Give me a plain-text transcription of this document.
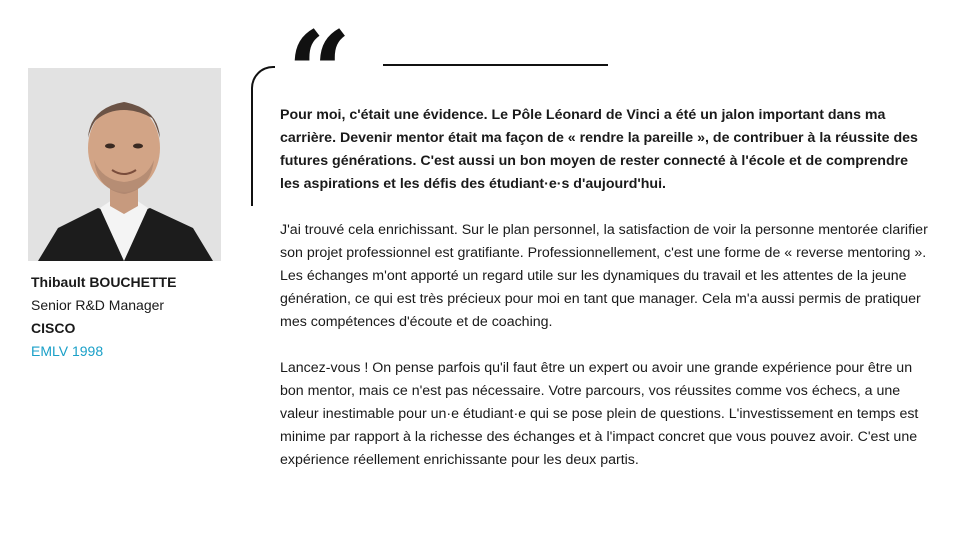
Thibault BOUCHETTE
Senior R&D Manager
CISCO
EMLV 1998
“

Pour moi, c'était une évidence. Le Pôle Léonard de Vinci a été un jalon important dans ma carrière. Devenir mentor était ma façon de « rendre la pareille », de contribuer à la réussite des futures générations. C'est aussi un bon moyen de rester connecté à l'école et de comprendre les aspirations et les défis des étudiant·e·s d'aujourd'hui.

J'ai trouvé cela enrichissant. Sur le plan personnel, la satisfaction de voir la personne mentorée clarifier son projet professionnel est gratifiante. Professionnellement, c'est une forme de « reverse mentoring ». Les échanges m'ont apporté un regard utile sur les dynamiques du travail et les attentes de la jeune génération, ce qui est très précieux pour moi en tant que manager. Cela m'a aussi permis de pratiquer mes compétences d'écoute et de coaching.

Lancez-vous ! On pense parfois qu'il faut être un expert ou avoir une grande expérience pour être un bon mentor, mais ce n'est pas nécessaire. Votre parcours, vos réussites comme vos échecs, a une valeur inestimable pour un·e étudiant·e qui se pose plein de questions. L'investissement en temps est minime par rapport à la richesse des échanges et à l'impact concret que vous pouvez avoir. C'est une expérience réellement enrichissante pour les deux partis.
